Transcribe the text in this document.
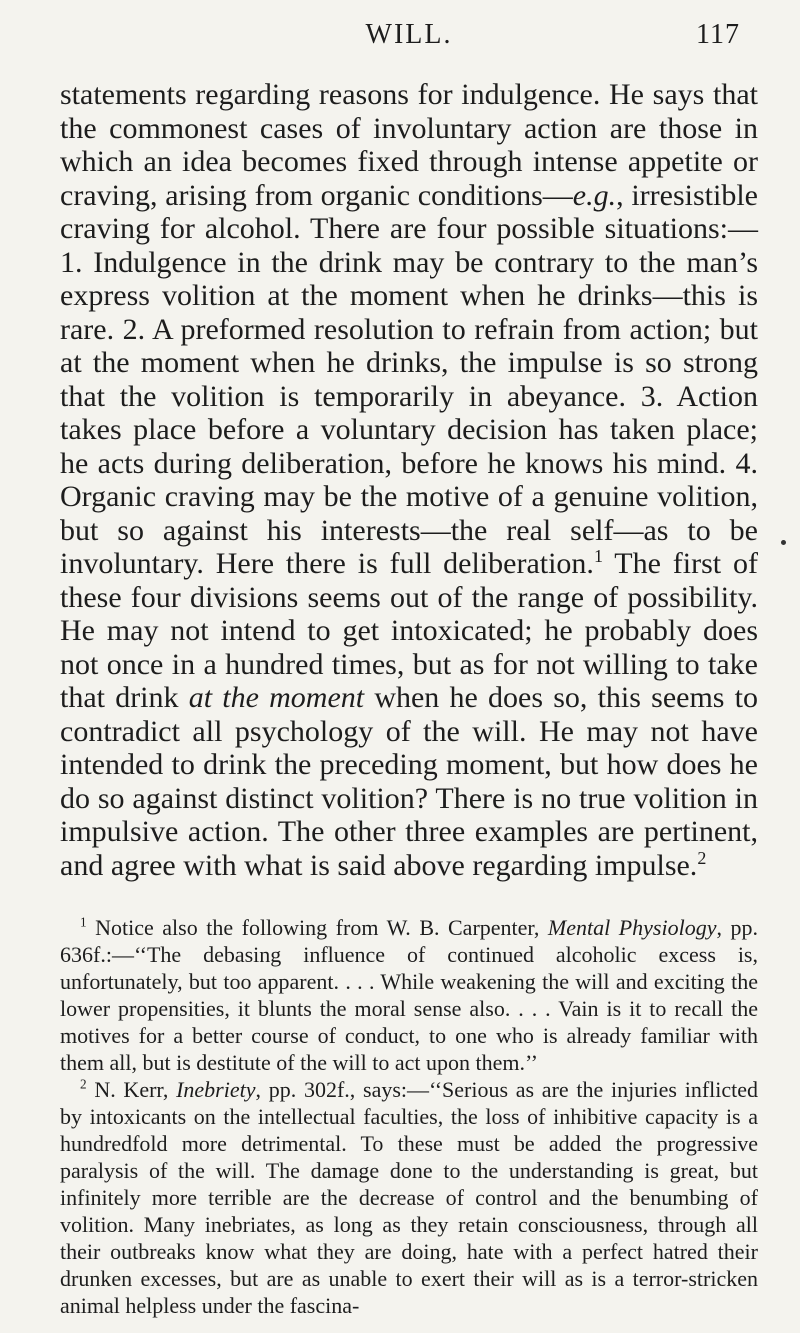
WILL.	117

statements regarding reasons for indulgence. He says that the commonest cases of involuntary action are those in which an idea becomes fixed through intense appetite or craving, arising from organic conditions—e.g., irresistible craving for alcohol. There are four possible situations:—1. Indulgence in the drink may be contrary to the man’s express volition at the moment when he drinks—this is rare. 2. A preformed resolution to refrain from action; but at the moment when he drinks, the impulse is so strong that the volition is temporarily in abeyance. 3. Action takes place before a voluntary decision has taken place; he acts during deliberation, before he knows his mind. 4. Organic craving may be the motive of a genuine volition, but so against his interests—the real self—as to be involuntary. Here there is full deliberation.$^1$ The first of these four divisions seems out of the range of possibility. He may not intend to get intoxicated; he probably does not once in a hundred times, but as for not willing to take that drink at the moment when he does so, this seems to contradict all psychology of the will. He may not have intended to drink the preceding moment, but how does he do so against distinct volition? There is no true volition in impulsive action. The other three examples are pertinent, and agree with what is said above regarding impulse.$^2$

$^1$ Notice also the following from W. B. Carpenter, Mental Physiology, pp. 636f.:—‘‘The debasing influence of continued alcoholic excess is, unfortunately, but too apparent. . . . While weakening the will and exciting the lower propensities, it blunts the moral sense also. . . . Vain is it to recall the motives for a better course of conduct, to one who is already familiar with them all, but is destitute of the will to act upon them.’’

$^2$ N. Kerr, Inebriety, pp. 302f., says:—‘‘Serious as are the injuries inflicted by intoxicants on the intellectual faculties, the loss of inhibitive capacity is a hundredfold more detrimental. To these must be added the progressive paralysis of the will. The damage done to the understanding is great, but infinitely more terrible are the decrease of control and the benumbing of volition. Many inebriates, as long as they retain consciousness, through all their outbreaks know what they are doing, hate with a perfect hatred their drunken excesses, but are as unable to exert their will as is a terror-stricken animal helpless under the fascina-
